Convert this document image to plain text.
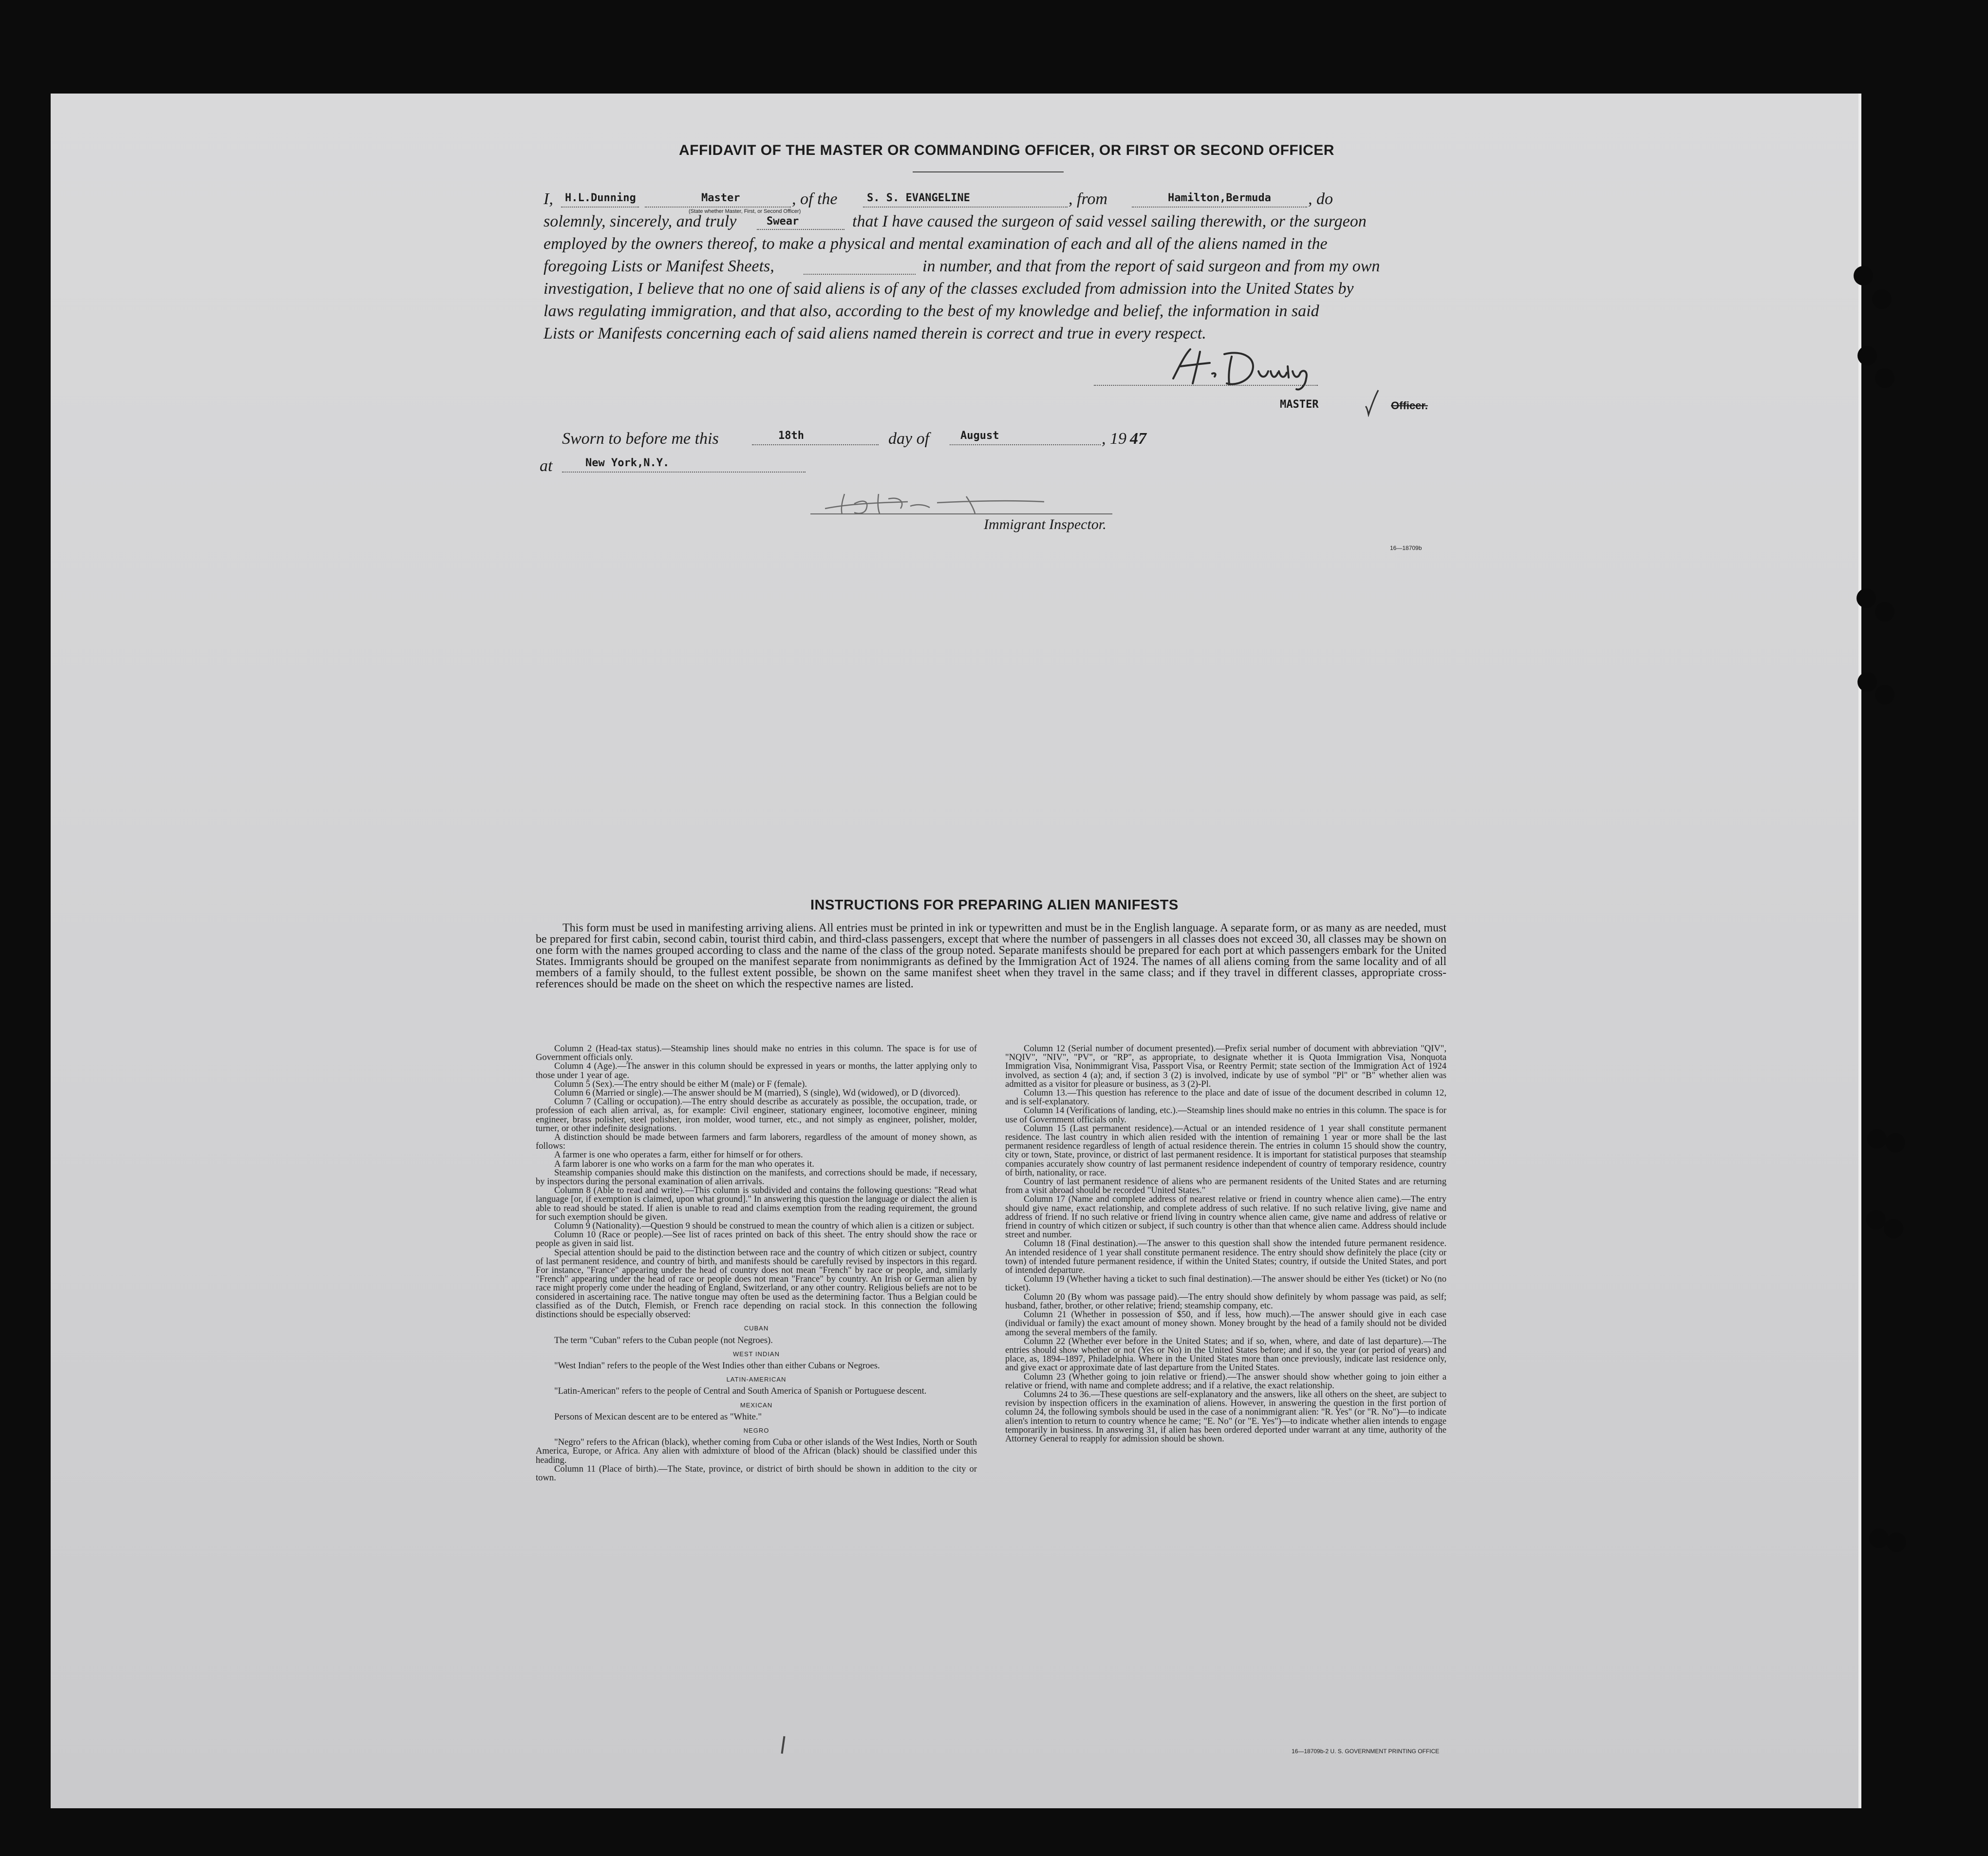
AFFIDAVIT OF THE MASTER OR COMMANDING OFFICER, OR FIRST OR SECOND OFFICER
I, H.L.Dunning	Master	, of the	S. S. EVANGELINE	, from	Hamilton,Bermuda , do
(State whether Master, First, or Second Officer)
solemnly, sincerely, and truly	Swear	that I have caused the surgeon of said vessel sailing therewith, or the surgeon
employed by the owners thereof, to make a physical and mental examination of each and all of the aliens named in the
foregoing Lists or Manifest Sheets,	in number, and that from the report of said surgeon and from my own
investigation, I believe that no one of said aliens is of any of the classes excluded from admission into the United States by
laws regulating immigration, and that also, according to the best of my knowledge and belief, the information in said
Lists or Manifests concerning each of said aliens named therein is correct and true in every respect.
MASTER	Officer.
Sworn to before me this	18th	day of	August	, 19 47
at	New York,N.Y.
Immigrant Inspector.
16—18709b
INSTRUCTIONS FOR PREPARING ALIEN MANIFESTS
This form must be used in manifesting arriving aliens. All entries must be printed in ink or typewritten and must be in the English language. A separate form, or as many as are needed, must be prepared for first cabin, second cabin, tourist third cabin, and third-class passengers, except that where the number of passengers in all classes does not exceed 30, all classes may be shown on one form with the names grouped according to class and the name of the class of the group noted. Separate manifests should be prepared for each port at which passengers embark for the United States. Immigrants should be grouped on the manifest separate from nonimmigrants as defined by the Immigration Act of 1924. The names of all aliens coming from the same locality and of all members of a family should, to the fullest extent possible, be shown on the same manifest sheet when they travel in the same class; and if they travel in different classes, appropriate cross-references should be made on the sheet on which the respective names are listed.

Column 2 (Head-tax status).—Steamship lines should make no entries in this column. The space is for use of Government officials only.

Column 4 (Age).—The answer in this column should be expressed in years or months, the latter applying only to those under 1 year of age.

Column 5 (Sex).—The entry should be either M (male) or F (female).

Column 6 (Married or single).—The answer should be M (married), S (single), Wd (widowed), or D (divorced).

Column 7 (Calling or occupation).—The entry should describe as accurately as possible, the occupation, trade, or profession of each alien arrival, as, for example: Civil engineer, stationary engineer, locomotive engineer, mining engineer, brass polisher, steel polisher, iron molder, wood turner, etc., and not simply as engineer, polisher, molder, turner, or other indefinite designations.

A distinction should be made between farmers and farm laborers, regardless of the amount of money shown, as follows:

A farmer is one who operates a farm, either for himself or for others.

A farm laborer is one who works on a farm for the man who operates it.

Steamship companies should make this distinction on the manifests, and corrections should be made, if necessary, by inspectors during the personal examination of alien arrivals.

Column 8 (Able to read and write).—This column is subdivided and contains the following questions: "Read what language [or, if exemption is claimed, upon what ground]." In answering this question the language or dialect the alien is able to read should be stated. If alien is unable to read and claims exemption from the reading requirement, the ground for such exemption should be given.

Column 9 (Nationality).—Question 9 should be construed to mean the country of which alien is a citizen or subject.

Column 10 (Race or people).—See list of races printed on back of this sheet. The entry should show the race or people as given in said list.

Special attention should be paid to the distinction between race and the country of which citizen or subject, country of last permanent residence, and country of birth, and manifests should be carefully revised by inspectors in this regard. For instance, "France" appearing under the head of country does not mean "French" by race or people, and, similarly "French" appearing under the head of race or people does not mean "France" by country. An Irish or German alien by race might properly come under the heading of England, Switzerland, or any other country. Religious beliefs are not to be considered in ascertaining race. The native tongue may often be used as the determining factor. Thus a Belgian could be classified as of the Dutch, Flemish, or French race depending on racial stock. In this connection the following distinctions should be especially observed:

CUBAN

The term "Cuban" refers to the Cuban people (not Negroes).

WEST INDIAN

"West Indian" refers to the people of the West Indies other than either Cubans or Negroes.

LATIN-AMERICAN

"Latin-American" refers to the people of Central and South America of Spanish or Portuguese descent.

MEXICAN

Persons of Mexican descent are to be entered as "White."

NEGRO

"Negro" refers to the African (black), whether coming from Cuba or other islands of the West Indies, North or South America, Europe, or Africa. Any alien with admixture of blood of the African (black) should be classified under this heading.

Column 11 (Place of birth).—The State, province, or district of birth should be shown in addition to the city or town.

Column 12 (Serial number of document presented).—Prefix serial number of document with abbreviation "QIV", "NQIV", "NIV", "PV", or "RP", as appropriate, to designate whether it is Quota Immigration Visa, Nonquota Immigration Visa, Nonimmigrant Visa, Passport Visa, or Reentry Permit; state section of the Immigration Act of 1924 involved, as section 4 (a); and, if section 3 (2) is involved, indicate by use of symbol "Pl" or "B" whether alien was admitted as a visitor for pleasure or business, as 3 (2)-Pl.

Column 13.—This question has reference to the place and date of issue of the document described in column 12, and is self-explanatory.

Column 14 (Verifications of landing, etc.).—Steamship lines should make no entries in this column. The space is for use of Government officials only.

Column 15 (Last permanent residence).—Actual or an intended residence of 1 year shall constitute permanent residence. The last country in which alien resided with the intention of remaining 1 year or more shall be the last permanent residence regardless of length of actual residence therein. The entries in column 15 should show the country, city or town, State, province, or district of last permanent residence. It is important for statistical purposes that steamship companies accurately show country of last permanent residence independent of country of temporary residence, country of birth, nationality, or race.

Country of last permanent residence of aliens who are permanent residents of the United States and are returning from a visit abroad should be recorded "United States."

Column 17 (Name and complete address of nearest relative or friend in country whence alien came).—The entry should give name, exact relationship, and complete address of such relative. If no such relative living, give name and address of friend. If no such relative or friend living in country whence alien came, give name and address of relative or friend in country of which citizen or subject, if such country is other than that whence alien came. Address should include street and number.

Column 18 (Final destination).—The answer to this question shall show the intended future permanent residence. An intended residence of 1 year shall constitute permanent residence. The entry should show definitely the place (city or town) of intended future permanent residence, if within the United States; country, if outside the United States, and port of intended departure.

Column 19 (Whether having a ticket to such final destination).—The answer should be either Yes (ticket) or No (no ticket).

Column 20 (By whom was passage paid).—The entry should show definitely by whom passage was paid, as self; husband, father, brother, or other relative; friend; steamship company, etc.

Column 21 (Whether in possession of $50, and if less, how much).—The answer should give in each case (individual or family) the exact amount of money shown. Money brought by the head of a family should not be divided among the several members of the family.

Column 22 (Whether ever before in the United States; and if so, when, where, and date of last departure).—The entries should show whether or not (Yes or No) in the United States before; and if so, the year (or period of years) and place, as, 1894–1897, Philadelphia. Where in the United States more than once previously, indicate last residence only, and give exact or approximate date of last departure from the United States.

Column 23 (Whether going to join relative or friend).—The answer should show whether going to join either a relative or friend, with name and complete address; and if a relative, the exact relationship.

Columns 24 to 36.—These questions are self-explanatory and the answers, like all others on the sheet, are subject to revision by inspection officers in the examination of aliens. However, in answering the question in the first portion of column 24, the following symbols should be used in the case of a nonimmigrant alien: "R. Yes" (or "R. No")—to indicate alien's intention to return to country whence he came; "E. No" (or "E. Yes")—to indicate whether alien intends to engage temporarily in business. In answering 31, if alien has been ordered deported under warrant at any time, authority of the Attorney General to reapply for admission should be shown.

16—18709b-2 U. S. GOVERNMENT PRINTING OFFICE
